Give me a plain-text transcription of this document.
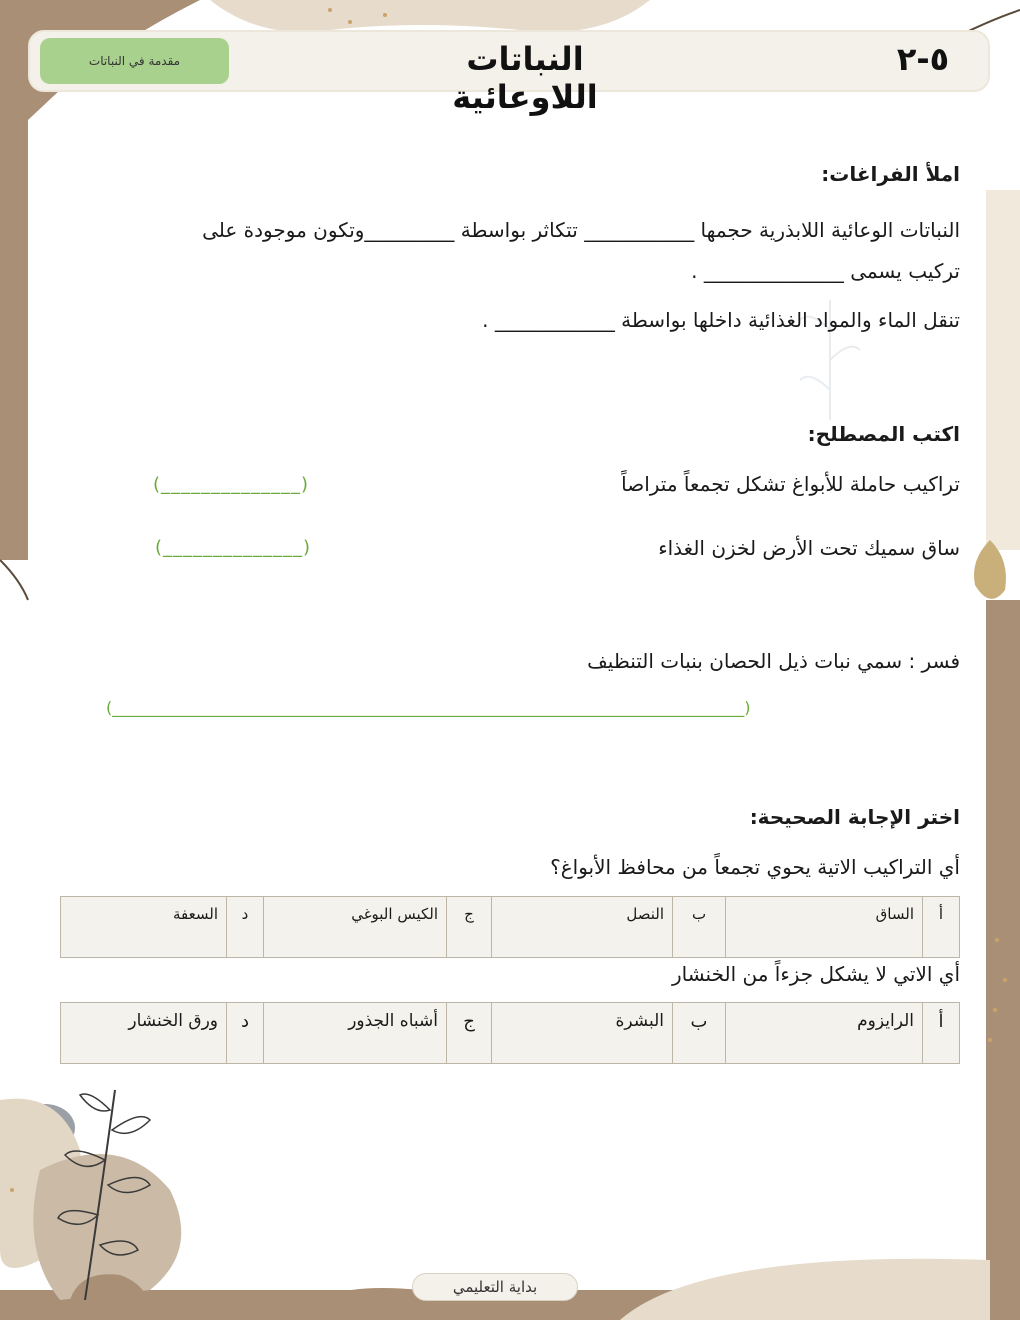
مقدمة في النباتات	النباتات اللاوعائية
٥-٢
املأ الفراغات:
النباتات الوعائية اللابذرية حجمها ___________ تتكاثر بواسطة _________وتكون موجودة على
تركيب يسمى ______________ .
تنقل الماء والمواد الغذائية داخلها بواسطة ____________ .
اكتب المصطلح:
تراكيب حاملة للأبواغ تشكل تجمعاً متراصاً
(______________)
ساق سميك تحت الأرض لخزن الغذاء
(______________)
فسر : سمي نبات ذيل الحصان بنبات التنظيف
(_______________________________________________________________________________)
اختر الإجابة الصحيحة:
أي التراكيب الاتية يحوي تجمعاً من محافظ الأبواغ؟
أ	الساق	ب	النصل	ج	الكيس البوغي	د	السعفة
أي الاتي لا يشكل جزءاً من الخنشار
أ	الرايزوم	ب	البشرة	ج	أشباه الجذور	د	ورق الخنشار
بداية التعليمي
